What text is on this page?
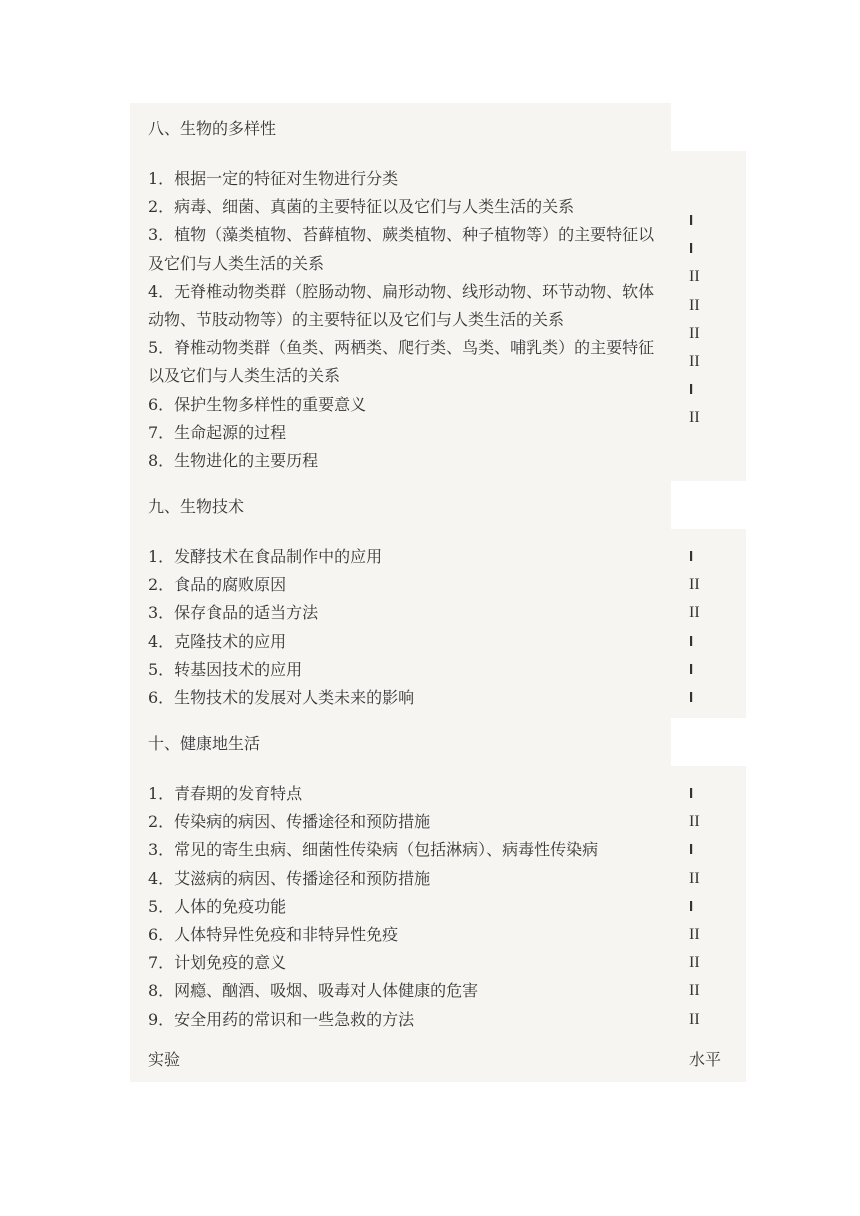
八、生物的多样性
1．根据一定的特征对生物进行分类
2．病毒、细菌、真菌的主要特征以及它们与人类生活的关系
3．植物（藻类植物、苔藓植物、蕨类植物、种子植物等）的主要特征以及它们与人类生活的关系
4．无脊椎动物类群（腔肠动物、扁形动物、线形动物、环节动物、软体动物、节肢动物等）的主要特征以及它们与人类生活的关系
5．脊椎动物类群（鱼类、两栖类、爬行类、鸟类、哺乳类）的主要特征以及它们与人类生活的关系
6．保护生物多样性的重要意义
7．生命起源的过程
8．生物进化的主要历程
I
I
II
II
II
II
I
II
九、生物技术
1．发酵技术在食品制作中的应用
2．食品的腐败原因
3．保存食品的适当方法
4．克隆技术的应用
5．转基因技术的应用
6．生物技术的发展对人类未来的影响
I
II
II
I
I
I
十、健康地生活
1．青春期的发育特点
2．传染病的病因、传播途径和预防措施
3．常见的寄生虫病、细菌性传染病（包括淋病）、病毒性传染病
4．艾滋病的病因、传播途径和预防措施
5．人体的免疫功能
6．人体特异性免疫和非特异性免疫
7．计划免疫的意义
8．网瘾、酗酒、吸烟、吸毒对人体健康的危害
9．安全用药的常识和一些急救的方法
I
II
I
II
I
II
II
II
II
实验	水平
